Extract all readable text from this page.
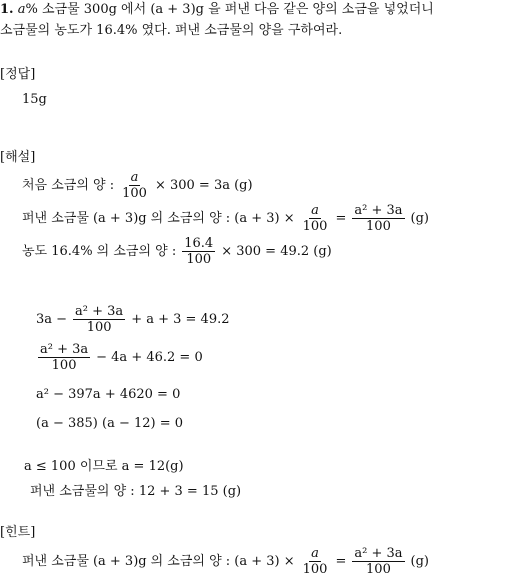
1. a% 소금물 300g 에서 (a + 3)g 을 퍼낸 다음 같은 양의 소금을 넣었더니
소금물의 농도가 16.4% 였다. 퍼낸 소금물의 양을 구하여라.
[정답]
15g
[해설]
처음 소금의 양 : $\frac{a}{100} \times 300 = 3a$ (g)
퍼낸 소금물 (a + 3)g 의 소금의 양 : $(a + 3) \times \frac{a}{100} = \frac{\text{a² + 3a}}{100} (g)$
농도 16.4% 의 소금의 양 : $\frac{16.4}{100} \times 300 = 49.2$ (g)
$3a - \frac{\text{a² + 3a}}{100} + a + 3 = 49.2$
$\frac{\text{a² + 3a}}{100} - 4a + 46.2 = 0$
a² − 397a + 4620 = 0
(a − 385) (a − 12) = 0
a ≤ 100 이므로 a = 12(g)
퍼낸 소금물의 양 : 12 + 3 = 15 (g)
[힌트]
퍼낸 소금물 (a + 3)g 의 소금의 양 : $(a + 3) \times \frac{a}{100} = \frac{\text{a² + 3a}}{100} (g)$
